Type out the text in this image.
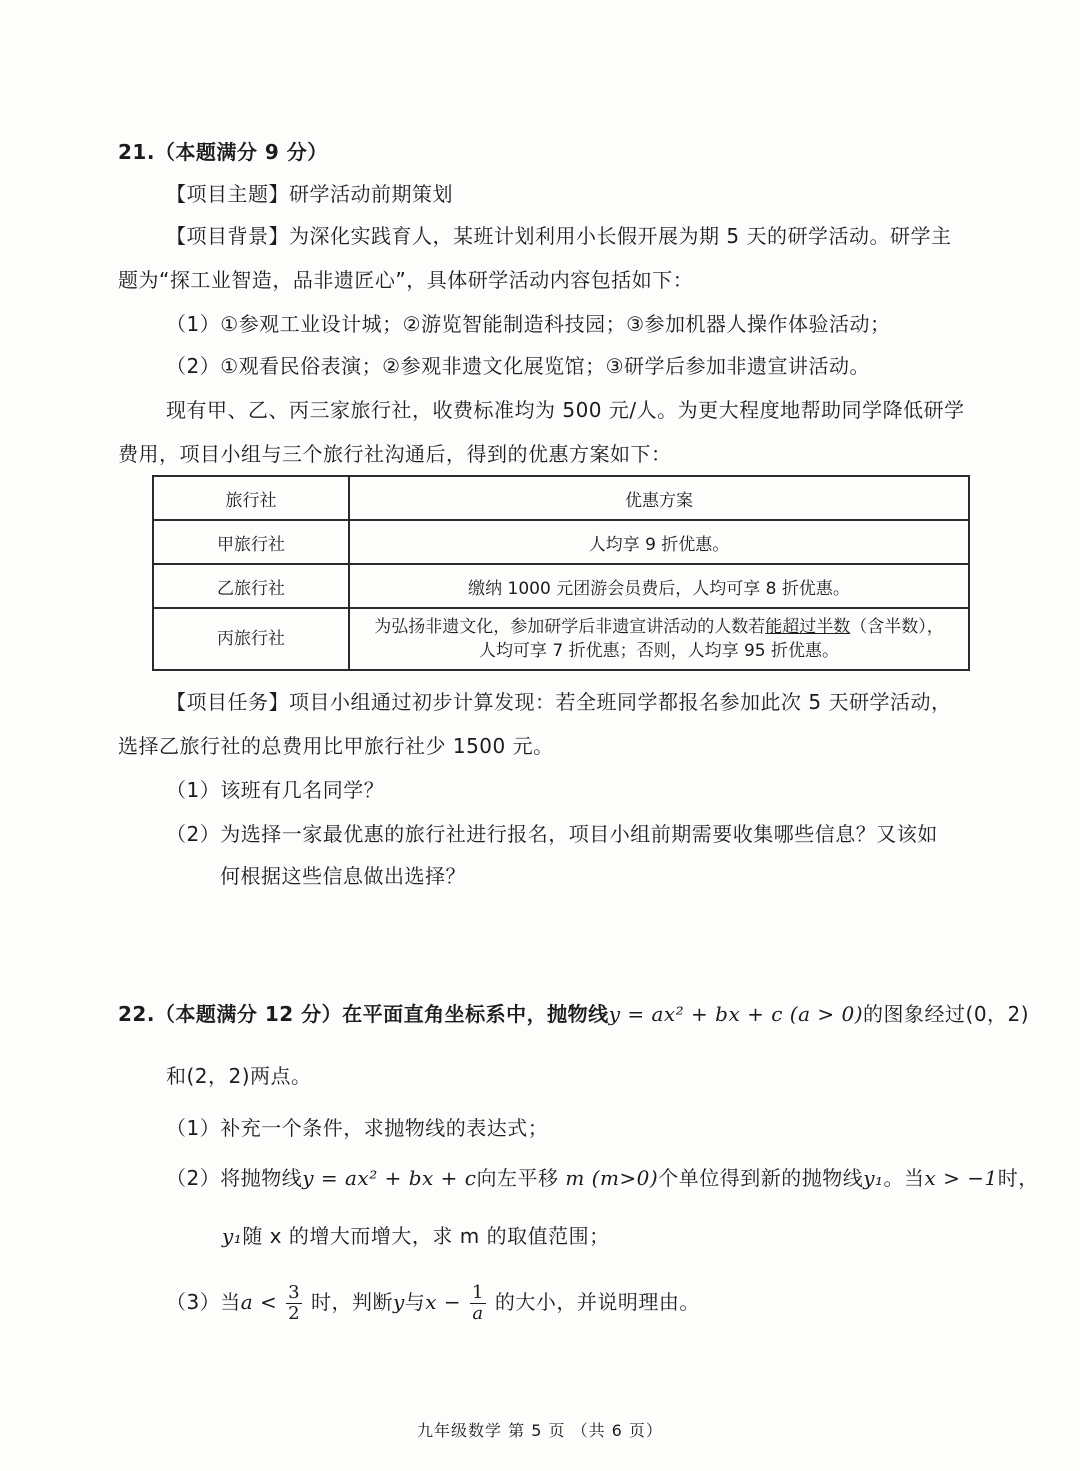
21.（本题满分 9 分）
【项目主题】研学活动前期策划
【项目背景】为深化实践育人，某班计划利用小长假开展为期 5 天的研学活动。研学主
题为“探工业智造，品非遗匠心”，具体研学活动内容包括如下：
（1）①参观工业设计城；②游览智能制造科技园；③参加机器人操作体验活动；
（2）①观看民俗表演；②参观非遗文化展览馆；③研学后参加非遗宣讲活动。
现有甲、乙、丙三家旅行社，收费标准均为 500 元/人。为更大程度地帮助同学降低研学
费用，项目小组与三个旅行社沟通后，得到的优惠方案如下：
旅行社	优惠方案
甲旅行社	人均享 9 折优惠。
乙旅行社	缴纳 1000 元团游会员费后，人均可享 8 折优惠。
丙旅行社	为弘扬非遗文化，参加研学后非遗宣讲活动的人数若能超过半数（含半数），
人均可享 7 折优惠；否则，人均享 95 折优惠。
【项目任务】项目小组通过初步计算发现：若全班同学都报名参加此次 5 天研学活动，
选择乙旅行社的总费用比甲旅行社少 1500 元。
（1）该班有几名同学？
（2）为选择一家最优惠的旅行社进行报名，项目小组前期需要收集哪些信息？又该如
何根据这些信息做出选择？
22.（本题满分 12 分）在平面直角坐标系中，抛物线y = ax² + bx + c (a > 0)的图象经过(0，2)
和(2，2)两点。
（1）补充一个条件，求抛物线的表达式；
（2）将抛物线y = ax² + bx + c向左平移 m (m>0)个单位得到新的抛物线y₁。当x > −1时，
y₁随 x 的增大而增大，求 m 的取值范围；
（3）当$a < \frac{3}{2}$ 时，判断y与$x - \frac{1}{a}$ 的大小，并说明理由。
九年级数学 第 5 页 （共 6 页）
